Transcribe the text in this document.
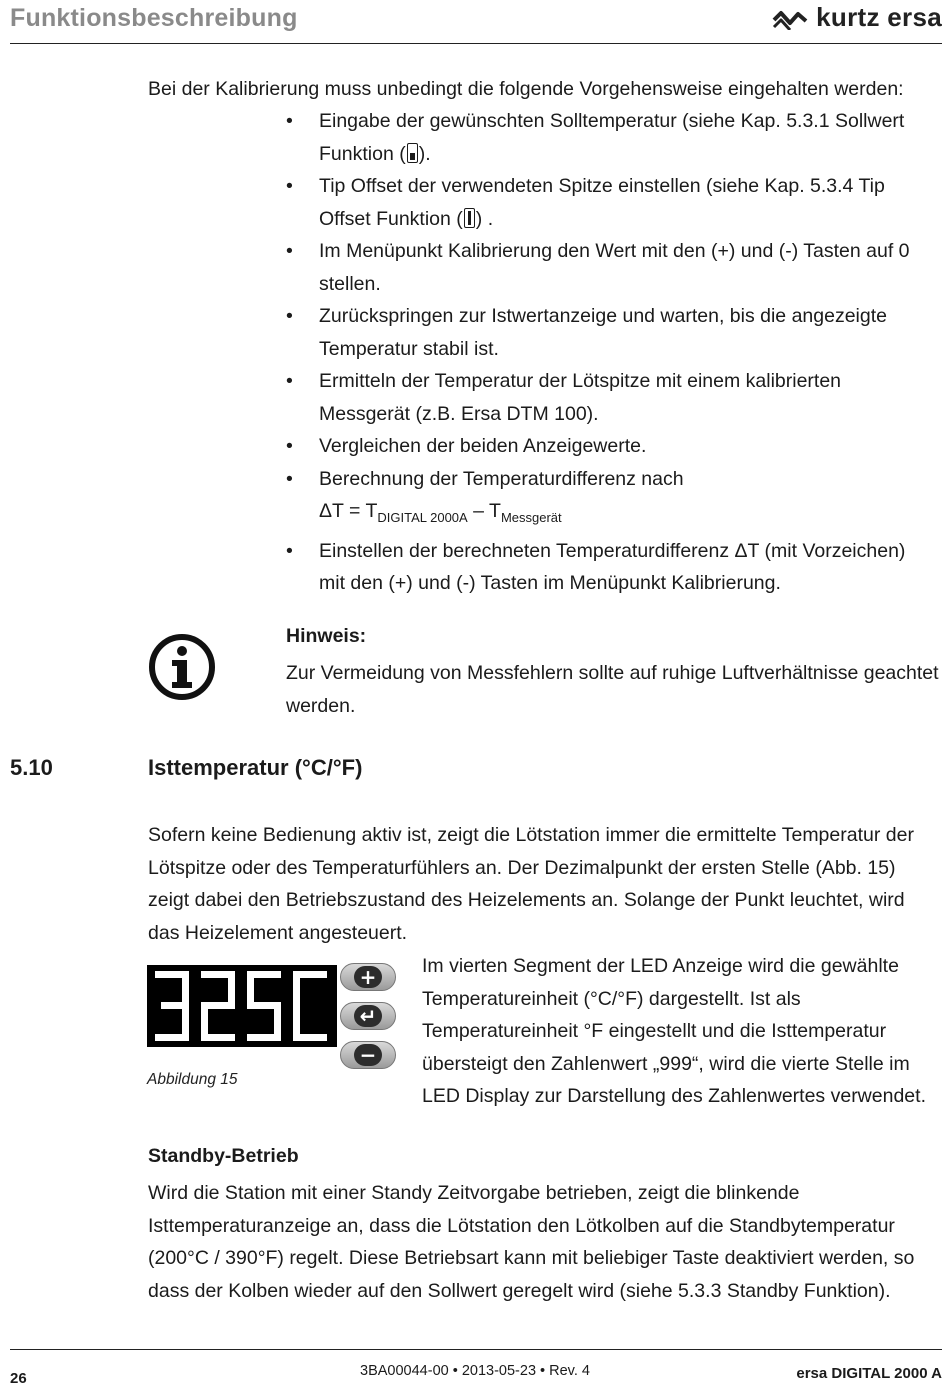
Funktionsbeschreibung	kurtz ersa
Bei der Kalibrierung muss unbedingt die folgende Vorgehensweise eingehalten werden:
• Eingabe der gewünschten Solltemperatur (siehe Kap. 5.3.1 Sollwert Funktion ( ).
• Tip Offset der verwendeten Spitze einstellen (siehe Kap. 5.3.4 Tip Offset Funktion ( ) .
• Im Menüpunkt Kalibrierung den Wert mit den (+) und (-) Tasten auf 0 stellen.
• Zurückspringen zur Istwertanzeige und warten, bis die angezeigte Temperatur stabil ist.
• Ermitteln der Temperatur der Lötspitze mit einem kalibrierten Messgerät (z.B. Ersa DTM 100).
• Vergleichen der beiden Anzeigewerte.
• Berechnung der Temperaturdifferenz nach
$\Delta T = T_{DIGITAL 2000A} - T_{Messgerät}$
• Einstellen der berechneten Temperaturdifferenz ΔT (mit Vorzeichen) mit den (+) und (-) Tasten im Menüpunkt Kalibrierung.
Hinweis:
Zur Vermeidung von Messfehlern sollte auf ruhige Luftverhältnisse geachtet werden.
5.10	Isttemperatur (°C/°F)
Sofern keine Bedienung aktiv ist, zeigt die Lötstation immer die ermittelte Temperatur der Lötspitze oder des Temperaturfühlers an. Der Dezimalpunkt der ersten Stelle (Abb. 15) zeigt dabei den Betriebszustand des Heizelements an. Solange der Punkt leuchtet, wird das Heizelement angesteuert.
+
↵
−
Abbildung 15
Im vierten Segment der LED Anzeige wird die gewählte Temperatureinheit (°C/°F) dargestellt. Ist als Temperatureinheit °F eingestellt und die Isttemperatur übersteigt den Zahlenwert „999“, wird die vierte Stelle im LED Display zur Darstellung des Zahlenwertes verwendet.
Standby-Betrieb
Wird die Station mit einer Standy Zeitvorgabe betrieben, zeigt die blinkende Isttemperaturanzeige an, dass die Lötstation den Lötkolben auf die Standbytemperatur (200°C / 390°F) regelt. Diese Betriebsart kann mit beliebiger Taste deaktiviert werden, so dass der Kolben wieder auf den Sollwert geregelt wird (siehe 5.3.3 Standby Funktion).
26	3BA00044-00 • 2013-05-23 • Rev. 4	ersa DIGITAL 2000 A
